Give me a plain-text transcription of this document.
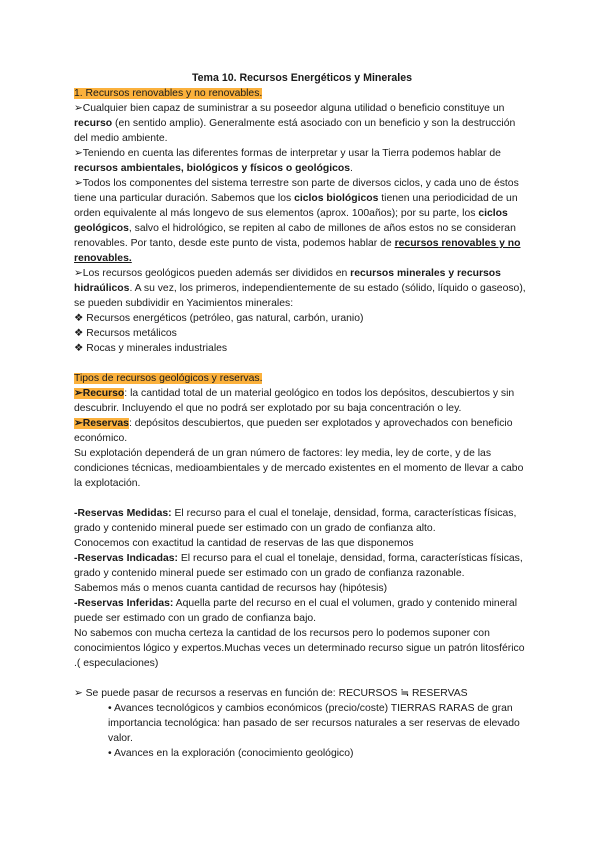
Tema 10. Recursos Energéticos y Minerales

1. Recursos renovables y no renovables.

➢Cualquier bien capaz de suministrar a su poseedor alguna utilidad o beneficio constituye un recurso (en sentido amplio). Generalmente está asociado con un beneficio y son la destrucción del medio ambiente.

➢Teniendo en cuenta las diferentes formas de interpretar y usar la Tierra podemos hablar de recursos ambientales, biológicos y físicos o geológicos.

➢Todos los componentes del sistema terrestre son parte de diversos ciclos, y cada uno de éstos tiene una particular duración. Sabemos que los ciclos biológicos tienen una periodicidad de un orden equivalente al más longevo de sus elementos (aprox. 100años); por su parte, los ciclos geológicos, salvo el hidrológico, se repiten al cabo de millones de años estos no se consideran renovables. Por tanto, desde este punto de vista, podemos hablar de recursos renovables y no renovables.

➢Los recursos geológicos pueden además ser divididos en recursos minerales y recursos hidraúlicos. A su vez, los primeros, independientemente de su estado (sólido, líquido o gaseoso), se pueden subdividir en Yacimientos minerales:

❖ Recursos energéticos (petróleo, gas natural, carbón, uranio)

❖ Recursos metálicos

❖ Rocas y minerales industriales

Tipos de recursos geológicos y reservas.

➢Recurso: la cantidad total de un material geológico en todos los depósitos, descubiertos y sin descubrir. Incluyendo el que no podrá ser explotado por su baja concentración o ley.

➢Reservas: depósitos descubiertos, que pueden ser explotados y aprovechados con beneficio económico.

Su explotación dependerá de un gran número de factores: ley media, ley de corte, y de las condiciones técnicas, medioambientales y de mercado existentes en el momento de llevar a cabo la explotación.

-Reservas Medidas: El recurso para el cual el tonelaje, densidad, forma, características físicas, grado y contenido mineral puede ser estimado con un grado de confianza alto.

Conocemos con exactitud la cantidad de reservas de las que disponemos

-Reservas Indicadas: El recurso para el cual el tonelaje, densidad, forma, características físicas, grado y contenido mineral puede ser estimado con un grado de confianza razonable.

Sabemos más o menos cuanta cantidad de recursos hay (hipótesis)

-Reservas Inferidas: Aquella parte del recurso en el cual el volumen, grado y contenido mineral puede ser estimado con un grado de confianza bajo.

No sabemos con mucha certeza la cantidad de los recursos pero lo podemos suponer con conocimientos lógico y expertos.Muchas veces un determinado recurso sigue un patrón litosférico .( especulaciones)

➢ Se puede pasar de recursos a reservas en función de: RECURSOS ≒ RESERVAS

• Avances tecnológicos y cambios económicos (precio/coste) TIERRAS RARAS de gran importancia tecnológica: han pasado de ser recursos naturales a ser reservas de elevado valor.

• Avances en la exploración (conocimiento geológico)
